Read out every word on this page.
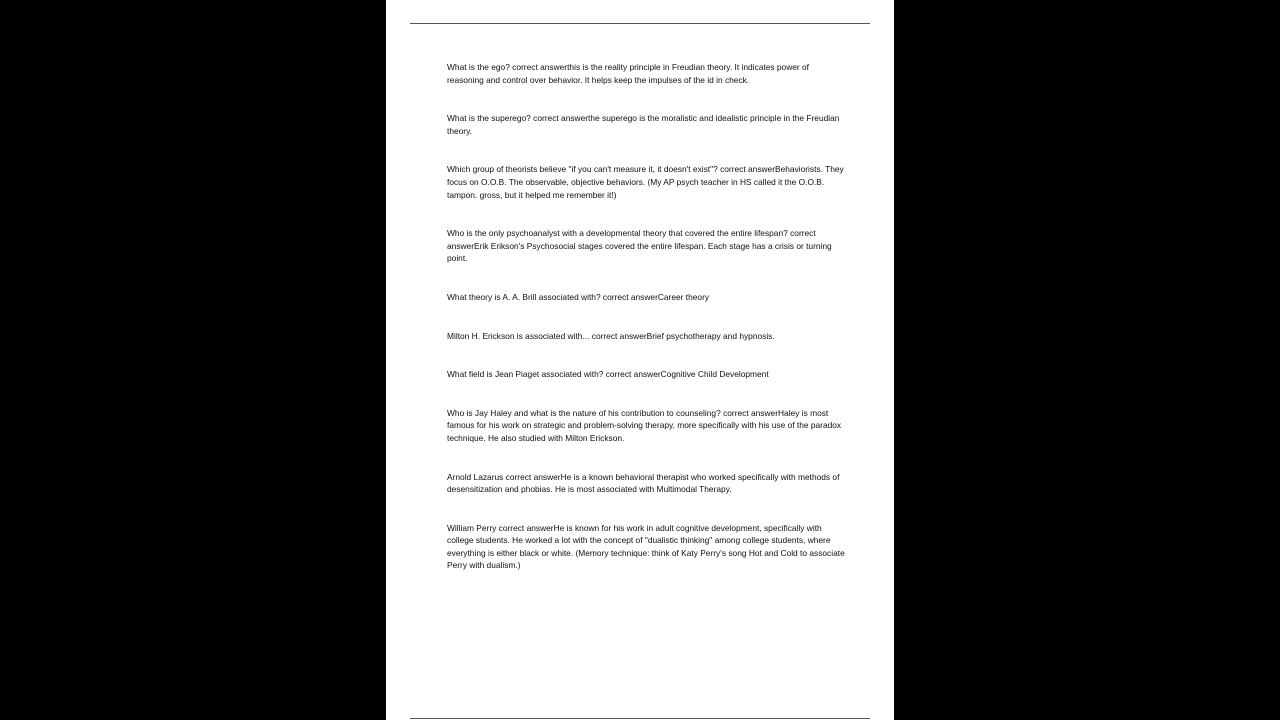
What is the ego? correct answerthis is the reality principle in Freudian theory. It indicates power of reasoning and control over behavior. It helps keep the impulses of the id in check.
What is the superego? correct answerthe superego is the moralistic and idealistic principle in the Freudian theory.
Which group of theorists believe "if you can't measure it, it doesn't exist"? correct answerBehaviorists. They focus on O.O.B. The observable, objective behaviors. (My AP psych teacher in HS called it the O.O.B. tampon. gross, but it helped me remember it!)
Who is the only psychoanalyst with a developmental theory that covered the entire lifespan? correct answerErik Erikson's Psychosocial stages covered the entire lifespan. Each stage has a crisis or turning point.
What theory is A. A. Brill associated with? correct answerCareer theory
Milton H. Erickson is associated with... correct answerBrief psychotherapy and hypnosis.
What field is Jean Piaget associated with? correct answerCognitive Child Development
Who is Jay Haley and what is the nature of his contribution to counseling? correct answerHaley is most famous for his work on strategic and problem-solving therapy, more specifically with his use of the paradox technique. He also studied with Milton Erickson.
Arnold Lazarus correct answerHe is a known behavioral therapist who worked specifically with methods of desensitization and phobias. He is most associated with Multimodal Therapy.
William Perry correct answerHe is known for his work in adult cognitive development, specifically with college students. He worked a lot with the concept of "dualistic thinking" among college students, where everything is either black or white. (Memory technique: think of Katy Perry's song Hot and Cold to associate Perry with dualism.)
